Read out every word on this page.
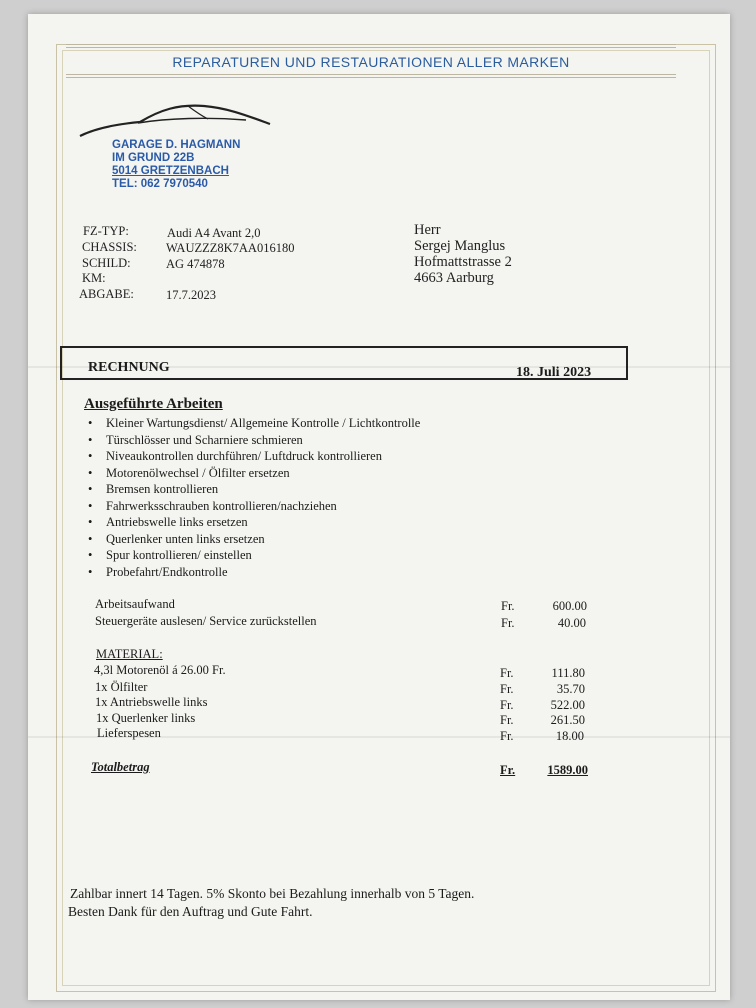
REPARATUREN UND RESTAURATIONEN ALLER MARKEN
GARAGE D. HAGMANN
IM GRUND 22B
5014 GRETZENBACH
TEL: 062 7970540
FZ-TYP:	Audi A4 Avant 2,0
CHASSIS: WAUZZZ8K7AA016180
SCHILD:	AG 474878
KM:
ABGABE:	17.7.2023
Herr
Sergej Manglus
Hofmattstrasse 2
4663 Aarburg
RECHNUNG	18. Juli 2023
Ausgeführte Arbeiten
• Kleiner Wartungsdienst/ Allgemeine Kontrolle / Lichtkontrolle
• Türschlösser und Scharniere schmieren
• Niveaukontrollen durchführen/ Luftdruck kontrollieren
• Motorenölwechsel / Ölfilter ersetzen
• Bremsen kontrollieren
• Fahrwerksschrauben kontrollieren/nachziehen
• Antriebswelle links ersetzen
• Querlenker unten links ersetzen
• Spur kontrollieren/ einstellen
• Probefahrt/Endkontrolle
Arbeitsaufwand	Fr.	600.00
Steuergeräte auslesen/ Service zurückstellen	Fr.	40.00
MATERIAL:
4,3l Motorenöl á 26.00 Fr.	Fr.	111.80
1x Ölfilter	Fr.	35.70
1x Antriebswelle links	Fr.	522.00
1x Querlenker links	Fr.	261.50
Lieferspesen	Fr.	18.00
Totalbetrag	Fr.	1589.00
Zahlbar innert 14 Tagen. 5% Skonto bei Bezahlung innerhalb von 5 Tagen.
Besten Dank für den Auftrag und Gute Fahrt.
